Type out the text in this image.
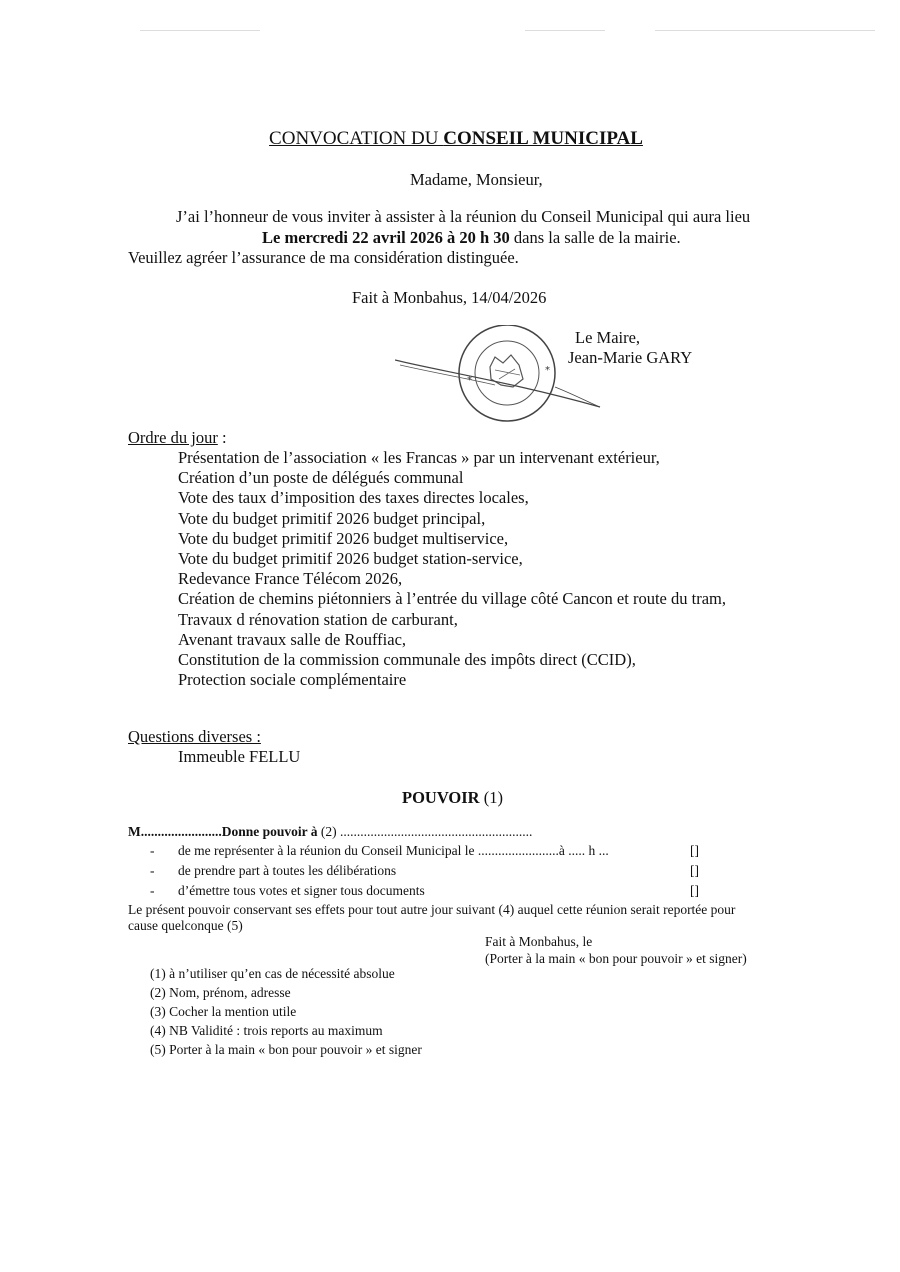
CONVOCATION DU CONSEIL MUNICIPAL
Madame, Monsieur,
J’ai l’honneur de vous inviter à assister à la réunion du Conseil Municipal qui aura lieu
Le mercredi 22 avril 2026 à 20 h 30 dans la salle de la mairie.
Veuillez agréer l’assurance de ma considération distinguée.
Fait à Monbahus, 14/04/2026
*
*
Le Maire,
Jean-Marie GARY
Ordre du jour :
Présentation de l’association « les Francas » par un intervenant extérieur,
Création d’un poste de délégués communal
Vote des taux d’imposition des taxes directes locales,
Vote du budget primitif 2026 budget principal,
Vote du budget primitif 2026 budget multiservice,
Vote du budget primitif 2026 budget station-service,
Redevance France Télécom 2026,
Création de chemins piétonniers à l’entrée du village côté Cancon et route du tram,
Travaux d rénovation station de carburant,
Avenant travaux salle de Rouffiac,
Constitution de la commission communale des impôts direct (CCID),
Protection sociale complémentaire
Questions diverses :
Immeuble FELLU
POUVOIR (1)
M........................Donne pouvoir à (2) .........................................................
- de me représenter à la réunion du Conseil Municipal le ........................à ..... h ...	[]
- de prendre part à toutes les délibérations	[]
- d’émettre tous votes et signer tous documents	[]
Le présent pouvoir conservant ses effets pour tout autre jour suivant (4) auquel cette réunion serait reportée pour
cause quelconque (5)
Fait à Monbahus, le
(Porter à la main « bon pour pouvoir » et signer)
(1) à n’utiliser qu’en cas de nécessité absolue
(2) Nom, prénom, adresse
(3) Cocher la mention utile
(4) NB Validité : trois reports au maximum
(5) Porter à la main « bon pour pouvoir » et signer
